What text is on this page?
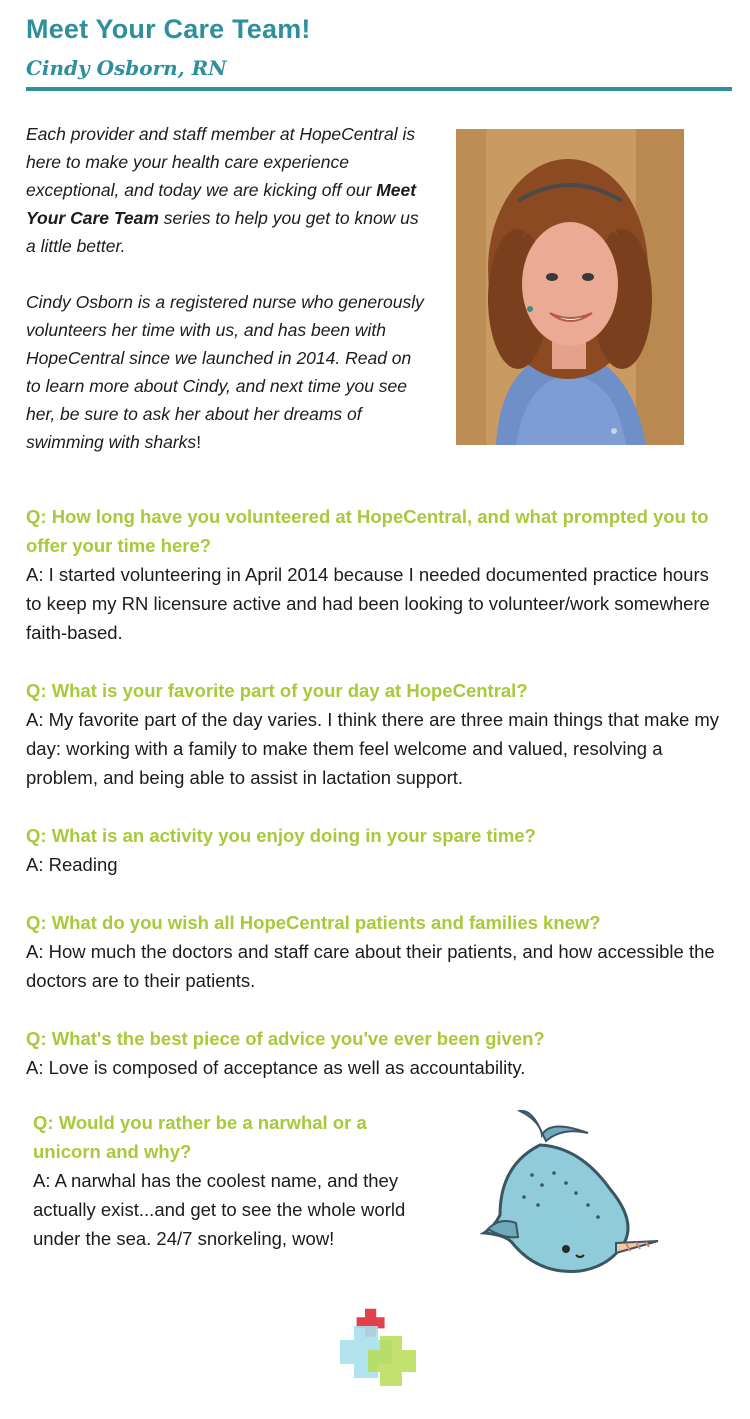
Meet Your Care Team!
Cindy Osborn, RN

Each provider and staff member at HopeCentral is here to make your health care experience exceptional, and today we are kicking off our Meet Your Care Team series to help you get to know us a little better.

Cindy Osborn is a registered nurse who generously volunteers her time with us, and has been with HopeCentral since we launched in 2014. Read on to learn more about Cindy, and next time you see her, be sure to ask her about her dreams of swimming with sharks!

Q: How long have you volunteered at HopeCentral, and what prompted you to offer your time here?

A: I started volunteering in April 2014 because I needed documented practice hours to keep my RN licensure active and had been looking to volunteer/work somewhere faith-based.

Q: What is your favorite part of your day at HopeCentral?

A: My favorite part of the day varies. I think there are three main things that make my day: working with a family to make them feel welcome and valued, resolving a problem, and being able to assist in lactation support.

Q: What is an activity you enjoy doing in your spare time?

A: Reading

Q: What do you wish all HopeCentral patients and families knew?

A: How much the doctors and staff care about their patients, and how accessible the doctors are to their patients.

Q: What's the best piece of advice you've ever been given?

A: Love is composed of acceptance as well as accountability.

Q: Would you rather be a narwhal or a unicorn and why?

A: A narwhal has the coolest name, and they actually exist...and get to see the whole world under the sea. 24/7 snorkeling, wow!
